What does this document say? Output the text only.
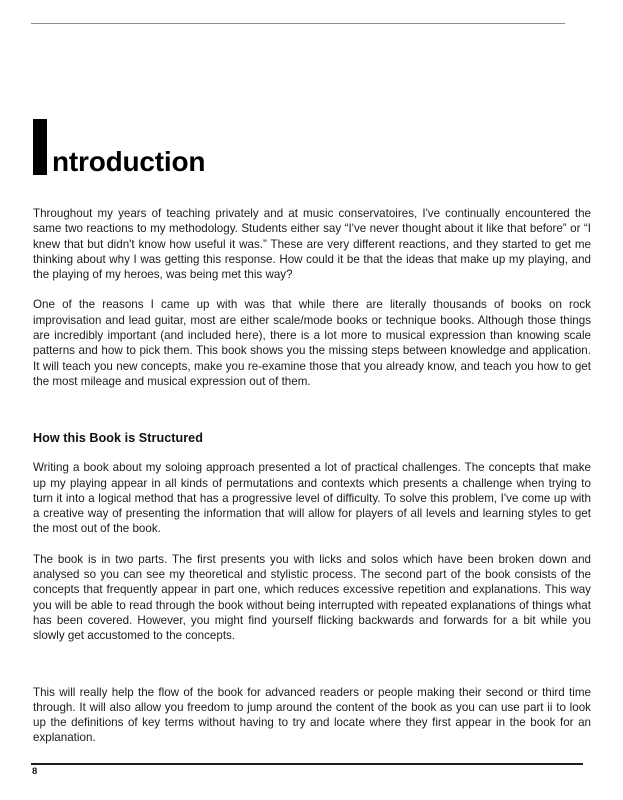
ntroduction

Throughout my years of teaching privately and at music conservatoires, I've continually encountered the same two reactions to my methodology. Students either say “I've never thought about it like that before” or “I knew that but didn't know how useful it was.” These are very different reactions, and they started to get me thinking about why I was getting this response. How could it be that the ideas that make up my playing, and the playing of my heroes, was being met this way?

One of the reasons I came up with was that while there are literally thousands of books on rock improvisation and lead guitar, most are either scale/mode books or technique books. Although those things are incredibly important (and included here), there is a lot more to musical expression than knowing scale patterns and how to pick them. This book shows you the missing steps between knowledge and application. It will teach you new concepts, make you re-examine those that you already know, and teach you how to get the most mileage and musical expression out of them.

How this Book is Structured

Writing a book about my soloing approach presented a lot of practical challenges. The concepts that make up my playing appear in all kinds of permutations and contexts which presents a challenge when trying to turn it into a logical method that has a progressive level of difficulty. To solve this problem, I've come up with a creative way of presenting the information that will allow for players of all levels and learning styles to get the most out of the book.

The book is in two parts. The first presents you with licks and solos which have been broken down and analysed so you can see my theoretical and stylistic process. The second part of the book consists of the concepts that frequently appear in part one, which reduces excessive repetition and explanations. This way you will be able to read through the book without being interrupted with repeated explanations of things what has been covered. However, you might find yourself flicking backwards and forwards for a bit while you slowly get accustomed to the concepts.

This will really help the flow of the book for advanced readers or people making their second or third time through. It will also allow you freedom to jump around the content of the book as you can use part ii to look up the definitions of key terms without having to try and locate where they first appear in the book for an explanation.

8
